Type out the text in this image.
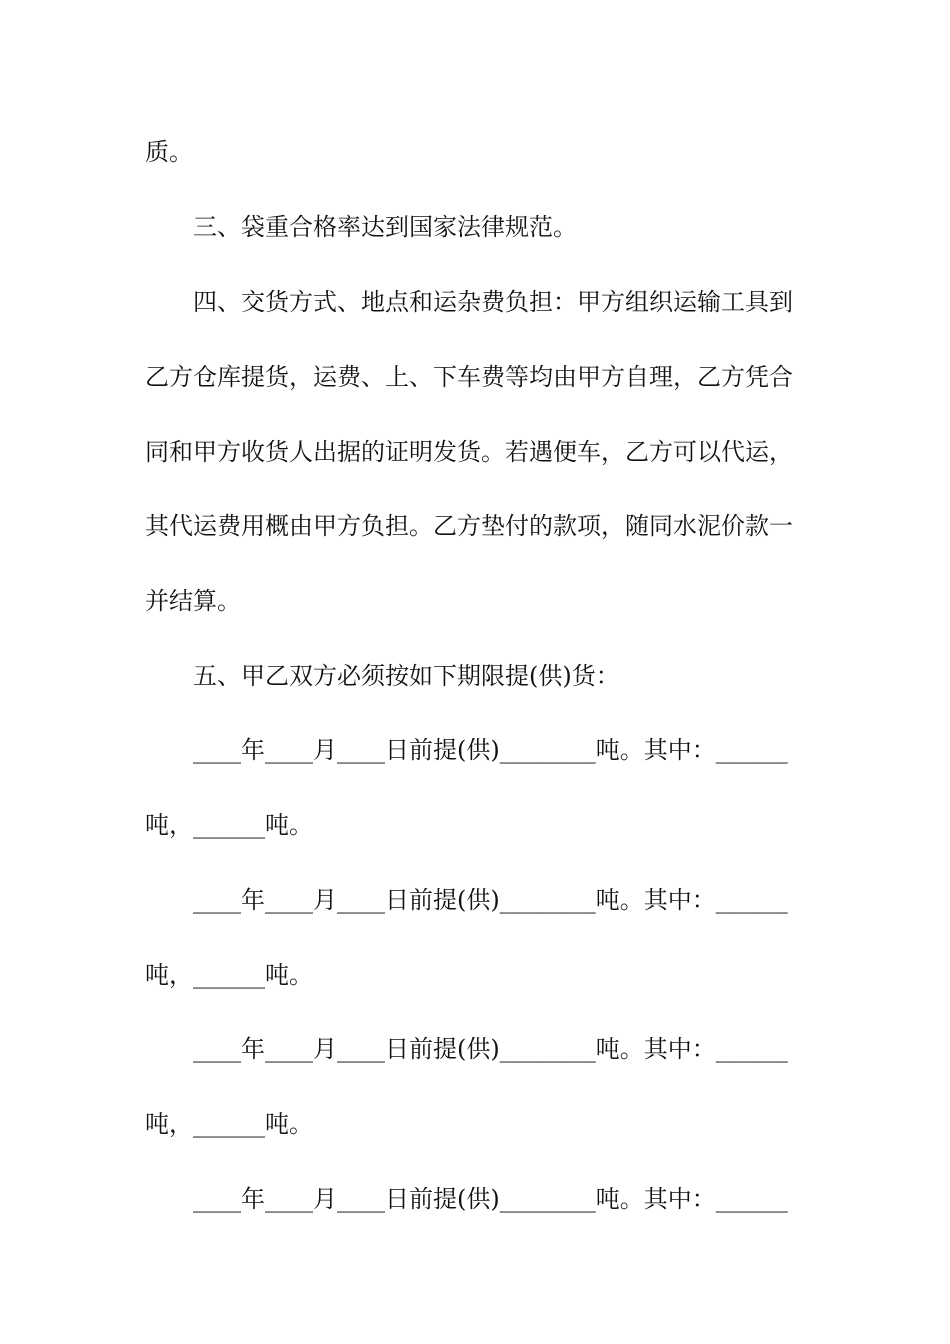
质。
三、袋重合格率达到国家法律规范。
四、交货方式、地点和运杂费负担：甲方组织运输工具到
乙方仓库提货，运费、上、下车费等均由甲方自理，乙方凭合
同和甲方收货人出据的证明发货。若遇便车，乙方可以代运，
其代运费用概由甲方负担。乙方垫付的款项，随同水泥价款一
并结算。
五、甲乙双方必须按如下期限提(供)货：
____年____月____日前提(供)________吨。其中：______
吨，______吨。
____年____月____日前提(供)________吨。其中：______
吨，______吨。
____年____月____日前提(供)________吨。其中：______
吨，______吨。
____年____月____日前提(供)________吨。其中：______
